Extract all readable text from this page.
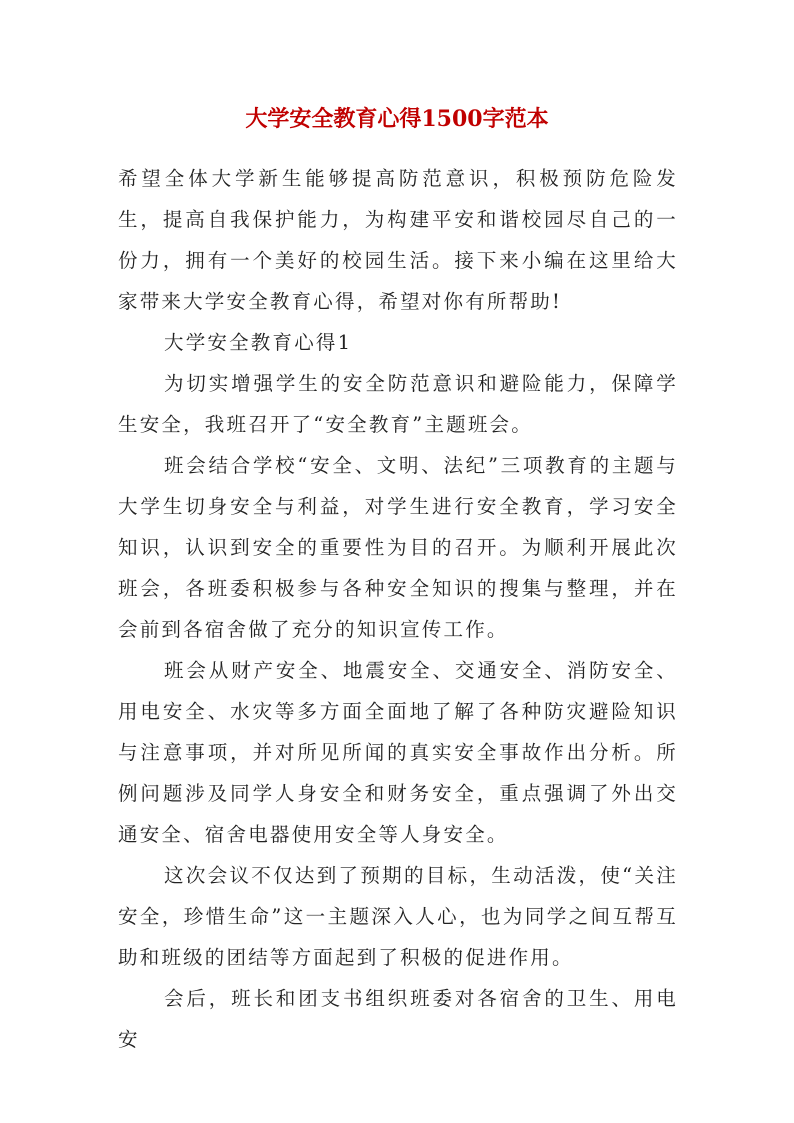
大学安全教育心得1500字范本

希望全体大学新生能够提高防范意识，积极预防危险发生，提高自我保护能力，为构建平安和谐校园尽自己的一份力，拥有一个美好的校园生活。接下来小编在这里给大家带来大学安全教育心得，希望对你有所帮助!

大学安全教育心得1

为切实增强学生的安全防范意识和避险能力，保障学生安全，我班召开了“安全教育”主题班会。

班会结合学校“安全、文明、法纪”三项教育的主题与大学生切身安全与利益，对学生进行安全教育，学习安全知识，认识到安全的重要性为目的召开。为顺利开展此次班会，各班委积极参与各种安全知识的搜集与整理，并在会前到各宿舍做了充分的知识宣传工作。

班会从财产安全、地震安全、交通安全、消防安全、用电安全、水灾等多方面全面地了解了各种防灾避险知识与注意事项，并对所见所闻的真实安全事故作出分析。所例问题涉及同学人身安全和财务安全，重点强调了外出交通安全、宿舍电器使用安全等人身安全。

这次会议不仅达到了预期的目标，生动活泼，使“关注安全，珍惜生命”这一主题深入人心，也为同学之间互帮互助和班级的团结等方面起到了积极的促进作用。

会后，班长和团支书组织班委对各宿舍的卫生、用电安
